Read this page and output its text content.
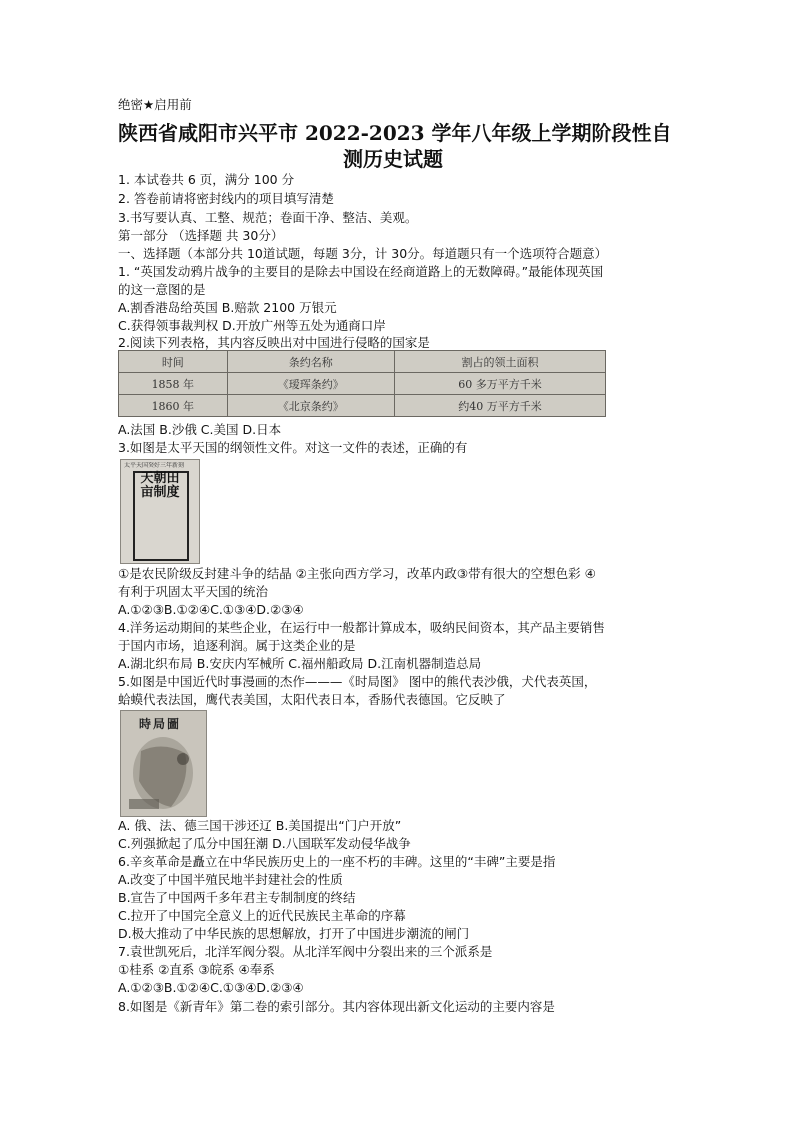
绝密★启用前
陕西省咸阳市兴平市 2022-2023 学年八年级上学期阶段性自
测历史试题
1. 本试卷共 6 页，满分 100 分
2. 答卷前请将密封线内的项目填写清楚
3.书写要认真、工整、规范；卷面干净、整洁、美观。
第一部分 （选择题 共 30分）
一、选择题（本部分共 10道试题，每题 3分，计 30分。每道题只有一个选项符合题意）
1. “英国发动鸦片战争的主要目的是除去中国设在经商道路上的无数障碍。”最能体现英国
的这一意图的是
A.割香港岛给英国 B.赔款 2100 万银元
C.获得领事裁判权 D.开放广州等五处为通商口岸
2.阅读下列表格，其内容反映出对中国进行侵略的国家是
时间	条约名称	割占的领土面积
1858 年	《瑷珲条约》	60 多万平方千米
1860 年	《北京条约》	约40 万平方千米
A.法国 B.沙俄 C.美国 D.日本
3.如图是太平天国的纲领性文件。对这一文件的表述，正确的有
太平天国癸好三年新刻
天朝田亩制度
①是农民阶级反封建斗争的结晶 ②主张向西方学习，改革内政③带有很大的空想色彩 ④
有利于巩固太平天国的统治
A.①②③B.①②④C.①③④D.②③④
4.洋务运动期间的某些企业，在运行中一般都计算成本，吸纳民间资本，其产品主要销售
于国内市场，追逐利润。属于这类企业的是
A.湖北织布局 B.安庆内军械所 C.福州船政局 D.江南机器制造总局
5.如图是中国近代时事漫画的杰作———《时局图》 图中的熊代表沙俄，犬代表英国，
蛤蟆代表法国，鹰代表美国，太阳代表日本，香肠代表德国。它反映了
時局圖
A. 俄、法、德三国干涉还辽 B.美国提出“门户开放”
C.列强掀起了瓜分中国狂潮 D.八国联军发动侵华战争
6.辛亥革命是矗立在中华民族历史上的一座不朽的丰碑。这里的“丰碑”主要是指
A.改变了中国半殖民地半封建社会的性质
B.宣告了中国两千多年君主专制制度的终结
C.拉开了中国完全意义上的近代民族民主革命的序幕
D.极大推动了中华民族的思想解放，打开了中国进步潮流的闸门
7.袁世凯死后，北洋军阀分裂。从北洋军阀中分裂出来的三个派系是
①桂系 ②直系 ③皖系 ④奉系
A.①②③B.①②④C.①③④D.②③④
8.如图是《新青年》第二卷的索引部分。其内容体现出新文化运动的主要内容是
